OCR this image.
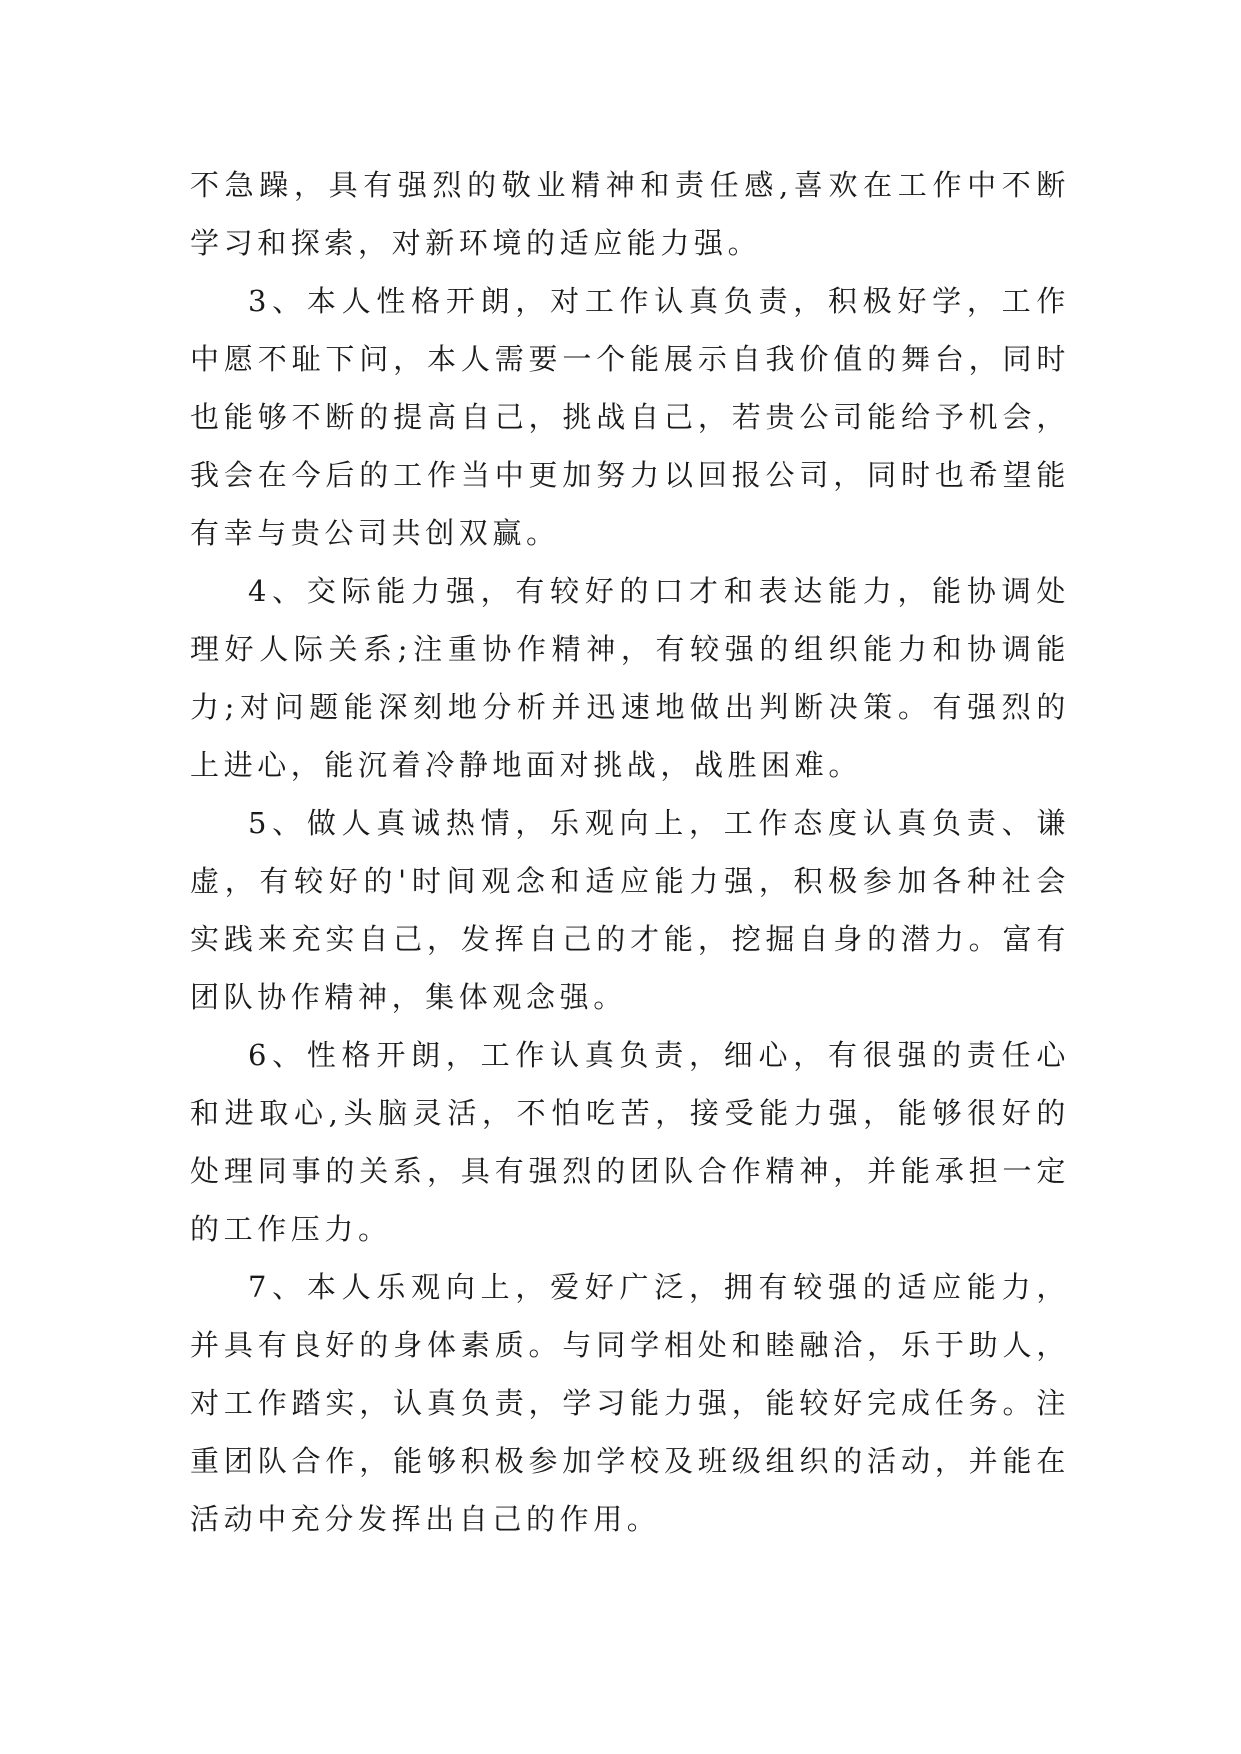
不急躁，具有强烈的敬业精神和责任感,喜欢在工作中不断学习和探索，对新环境的适应能力强。

3、本人性格开朗，对工作认真负责，积极好学，工作中愿不耻下问，本人需要一个能展示自我价值的舞台，同时也能够不断的提高自己，挑战自己，若贵公司能给予机会，我会在今后的工作当中更加努力以回报公司，同时也希望能有幸与贵公司共创双赢。

4、交际能力强，有较好的口才和表达能力，能协调处理好人际关系;注重协作精神，有较强的组织能力和协调能力;对问题能深刻地分析并迅速地做出判断决策。有强烈的上进心，能沉着冷静地面对挑战，战胜困难。

5、做人真诚热情，乐观向上，工作态度认真负责、谦虚，有较好的'时间观念和适应能力强，积极参加各种社会实践来充实自己，发挥自己的才能，挖掘自身的潜力。富有团队协作精神，集体观念强。

6、性格开朗，工作认真负责，细心，有很强的责任心和进取心,头脑灵活，不怕吃苦，接受能力强，能够很好的处理同事的关系，具有强烈的团队合作精神，并能承担一定的工作压力。

7、本人乐观向上，爱好广泛，拥有较强的适应能力，并具有良好的身体素质。与同学相处和睦融洽，乐于助人，对工作踏实，认真负责，学习能力强，能较好完成任务。注重团队合作，能够积极参加学校及班级组织的活动，并能在活动中充分发挥出自己的作用。
